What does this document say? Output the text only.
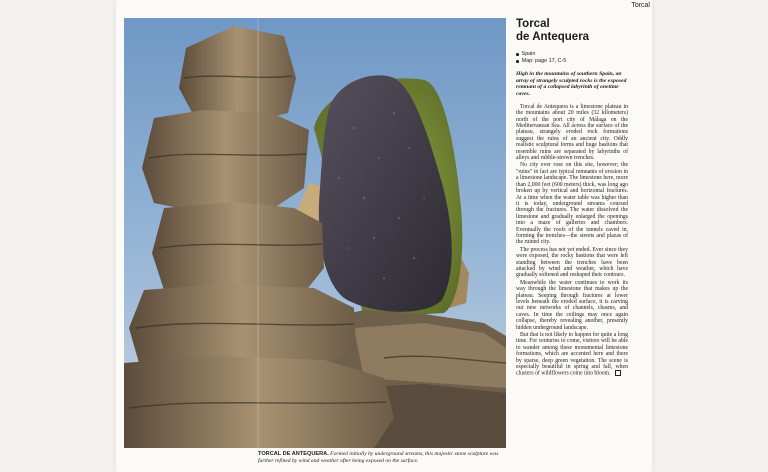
Torcal
TORCAL DE ANTEQUERA. Formed initially by underground streams, this majestic stone sculpture was further refined by wind and weather after being exposed on the surface.
Torcal
de Antequera
Spain
Map: page 17, C-5
High in the mountains of southern Spain, an array of strangely sculpted rocks is the exposed remnant of a collapsed labyrinth of onetime caves.

Torcal de Antequera is a limestone plateau in the mountains about 20 miles (32 kilometers) north of the port city of Málaga on the Mediterranean Sea. All across the surface of the plateau, strangely eroded rock formations suggest the ruins of an ancient city. Oddly realistic sculptural forms and huge bastions that resemble ruins are separated by labyrinths of alleys and rubble-strewn trenches.

No city ever rose on this site, however; the "ruins" in fact are typical remnants of erosion in a limestone landscape. The limestone here, more than 2,000 feet (600 meters) thick, was long ago broken up by vertical and horizontal fractures. At a time when the water table was higher than it is today, underground streams coursed through the fractures. The water dissolved the limestone and gradually enlarged the openings into a maze of galleries and chambers. Eventually the roofs of the tunnels caved in, forming the trenches—the streets and plazas of the ruined city.

The process has not yet ended. Ever since they were exposed, the rocky bastions that were left standing between the trenches have been attacked by wind and weather, which have gradually softened and reshaped their contours.

Meanwhile the water continues to work its way through the limestone that makes up the plateau. Seeping through fractures at lower levels beneath the eroded surface, it is carving out new networks of channels, chasms, and caves. In time the ceilings may once again collapse, thereby revealing another, presently hidden underground landscape.

But that is not likely to happen for quite a long time. For centuries to come, visitors will be able to wander among these monumental limestone formations, which are accented here and there by sparse, deep green vegetation. The scene is especially beautiful in spring and fall, when clusters of wildflowers come into bloom.
